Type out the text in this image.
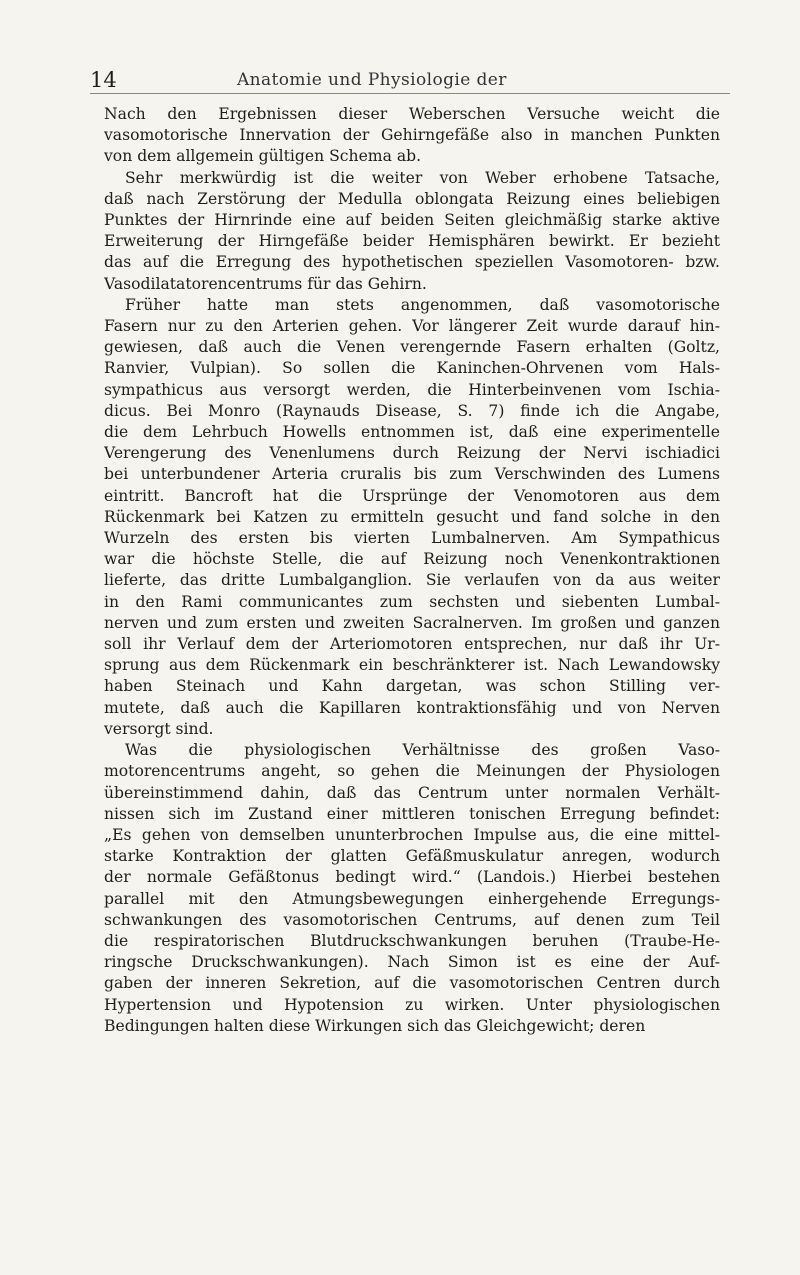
14	Anatomie und Physiologie der
Nach den Ergebnissen dieser Weberschen Versuche weicht die
vasomotorische Innervation der Gehirngefäße also in manchen Punkten
von dem allgemein gültigen Schema ab.
Sehr merkwürdig ist die weiter von Weber erhobene Tatsache,
daß nach Zerstörung der Medulla oblongata Reizung eines beliebigen
Punktes der Hirnrinde eine auf beiden Seiten gleichmäßig starke aktive
Erweiterung der Hirngefäße beider Hemisphären bewirkt. Er bezieht
das auf die Erregung des hypothetischen speziellen Vasomotoren- bzw.
Vasodilatatorencentrums für das Gehirn.
Früher hatte man stets angenommen, daß vasomotorische
Fasern nur zu den Arterien gehen. Vor längerer Zeit wurde darauf hin-
gewiesen, daß auch die Venen verengernde Fasern erhalten (Goltz,
Ranvier, Vulpian). So sollen die Kaninchen-Ohrvenen vom Hals-
sympathicus aus versorgt werden, die Hinterbeinvenen vom Ischia-
dicus. Bei Monro (Raynauds Disease, S. 7) finde ich die Angabe,
die dem Lehrbuch Howells entnommen ist, daß eine experimentelle
Verengerung des Venenlumens durch Reizung der Nervi ischiadici
bei unterbundener Arteria cruralis bis zum Verschwinden des Lumens
eintritt. Bancroft hat die Ursprünge der Venomotoren aus dem
Rückenmark bei Katzen zu ermitteln gesucht und fand solche in den
Wurzeln des ersten bis vierten Lumbalnerven. Am Sympathicus
war die höchste Stelle, die auf Reizung noch Venenkontraktionen
lieferte, das dritte Lumbalganglion. Sie verlaufen von da aus weiter
in den Rami communicantes zum sechsten und siebenten Lumbal-
nerven und zum ersten und zweiten Sacralnerven. Im großen und ganzen
soll ihr Verlauf dem der Arteriomotoren entsprechen, nur daß ihr Ur-
sprung aus dem Rückenmark ein beschränkterer ist. Nach Lewandowsky
haben Steinach und Kahn dargetan, was schon Stilling ver-
mutete, daß auch die Kapillaren kontraktionsfähig und von Nerven
versorgt sind.
Was die physiologischen Verhältnisse des großen Vaso-
motorencentrums angeht, so gehen die Meinungen der Physiologen
übereinstimmend dahin, daß das Centrum unter normalen Verhält-
nissen sich im Zustand einer mittleren tonischen Erregung befindet:
„Es gehen von demselben ununterbrochen Impulse aus, die eine mittel-
starke Kontraktion der glatten Gefäßmuskulatur anregen, wodurch
der normale Gefäßtonus bedingt wird.“ (Landois.) Hierbei bestehen
parallel mit den Atmungsbewegungen einhergehende Erregungs-
schwankungen des vasomotorischen Centrums, auf denen zum Teil
die respiratorischen Blutdruckschwankungen beruhen (Traube-He-
ringsche Druckschwankungen). Nach Simon ist es eine der Auf-
gaben der inneren Sekretion, auf die vasomotorischen Centren durch
Hypertension und Hypotension zu wirken. Unter physiologischen
Bedingungen halten diese Wirkungen sich das Gleichgewicht; deren
